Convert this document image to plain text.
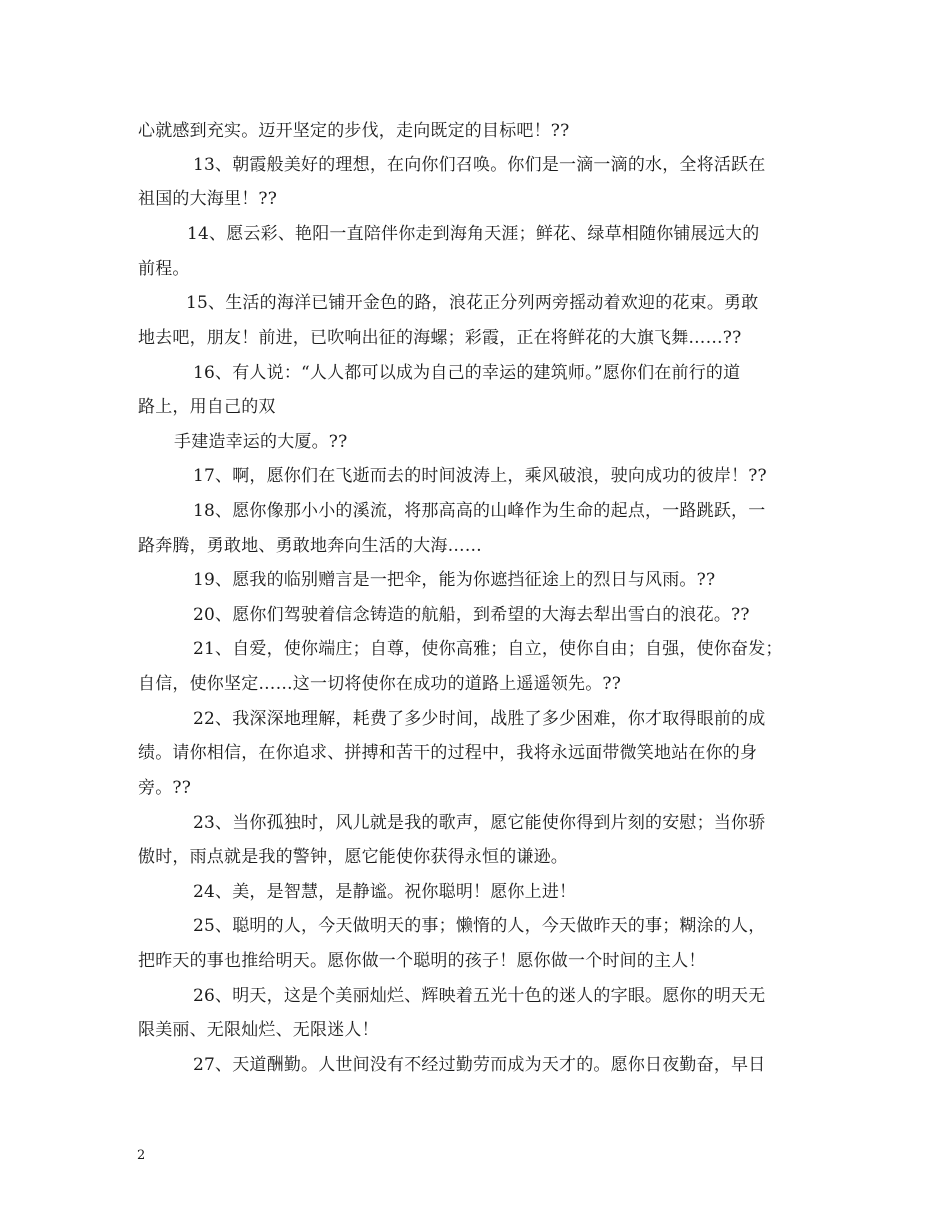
心就感到充实。迈开坚定的步伐，走向既定的目标吧！??
13、朝霞般美好的理想，在向你们召唤。你们是一滴一滴的水，全将活跃在
祖国的大海里！??
14、愿云彩、艳阳一直陪伴你走到海角天涯；鲜花、绿草相随你铺展远大的
前程。
15、生活的海洋已铺开金色的路，浪花正分列两旁摇动着欢迎的花束。勇敢
地去吧，朋友！前进，已吹响出征的海螺；彩霞，正在将鲜花的大旗飞舞……??
16、有人说：“人人都可以成为自己的幸运的建筑师。”愿你们在前行的道
路上，用自己的双
手建造幸运的大厦。??
17、啊，愿你们在飞逝而去的时间波涛上，乘风破浪，驶向成功的彼岸！??
18、愿你像那小小的溪流，将那高高的山峰作为生命的起点，一路跳跃，一
路奔腾，勇敢地、勇敢地奔向生活的大海……
19、愿我的临别赠言是一把伞，能为你遮挡征途上的烈日与风雨。??
20、愿你们驾驶着信念铸造的航船，到希望的大海去犁出雪白的浪花。??
21、自爱，使你端庄；自尊，使你高雅；自立，使你自由；自强，使你奋发；
自信，使你坚定……这一切将使你在成功的道路上遥遥领先。??
22、我深深地理解，耗费了多少时间，战胜了多少困难，你才取得眼前的成
绩。请你相信，在你追求、拼搏和苦干的过程中，我将永远面带微笑地站在你的身
旁。??
23、当你孤独时，风儿就是我的歌声，愿它能使你得到片刻的安慰；当你骄
傲时，雨点就是我的警钟，愿它能使你获得永恒的谦逊。
24、美，是智慧，是静谧。祝你聪明！愿你上进！
25、聪明的人，今天做明天的事；懒惰的人，今天做昨天的事；糊涂的人，
把昨天的事也推给明天。愿你做一个聪明的孩子！愿你做一个时间的主人！
26、明天，这是个美丽灿烂、辉映着五光十色的迷人的字眼。愿你的明天无
限美丽、无限灿烂、无限迷人！
27、天道酬勤。人世间没有不经过勤劳而成为天才的。愿你日夜勤奋，早日
2
